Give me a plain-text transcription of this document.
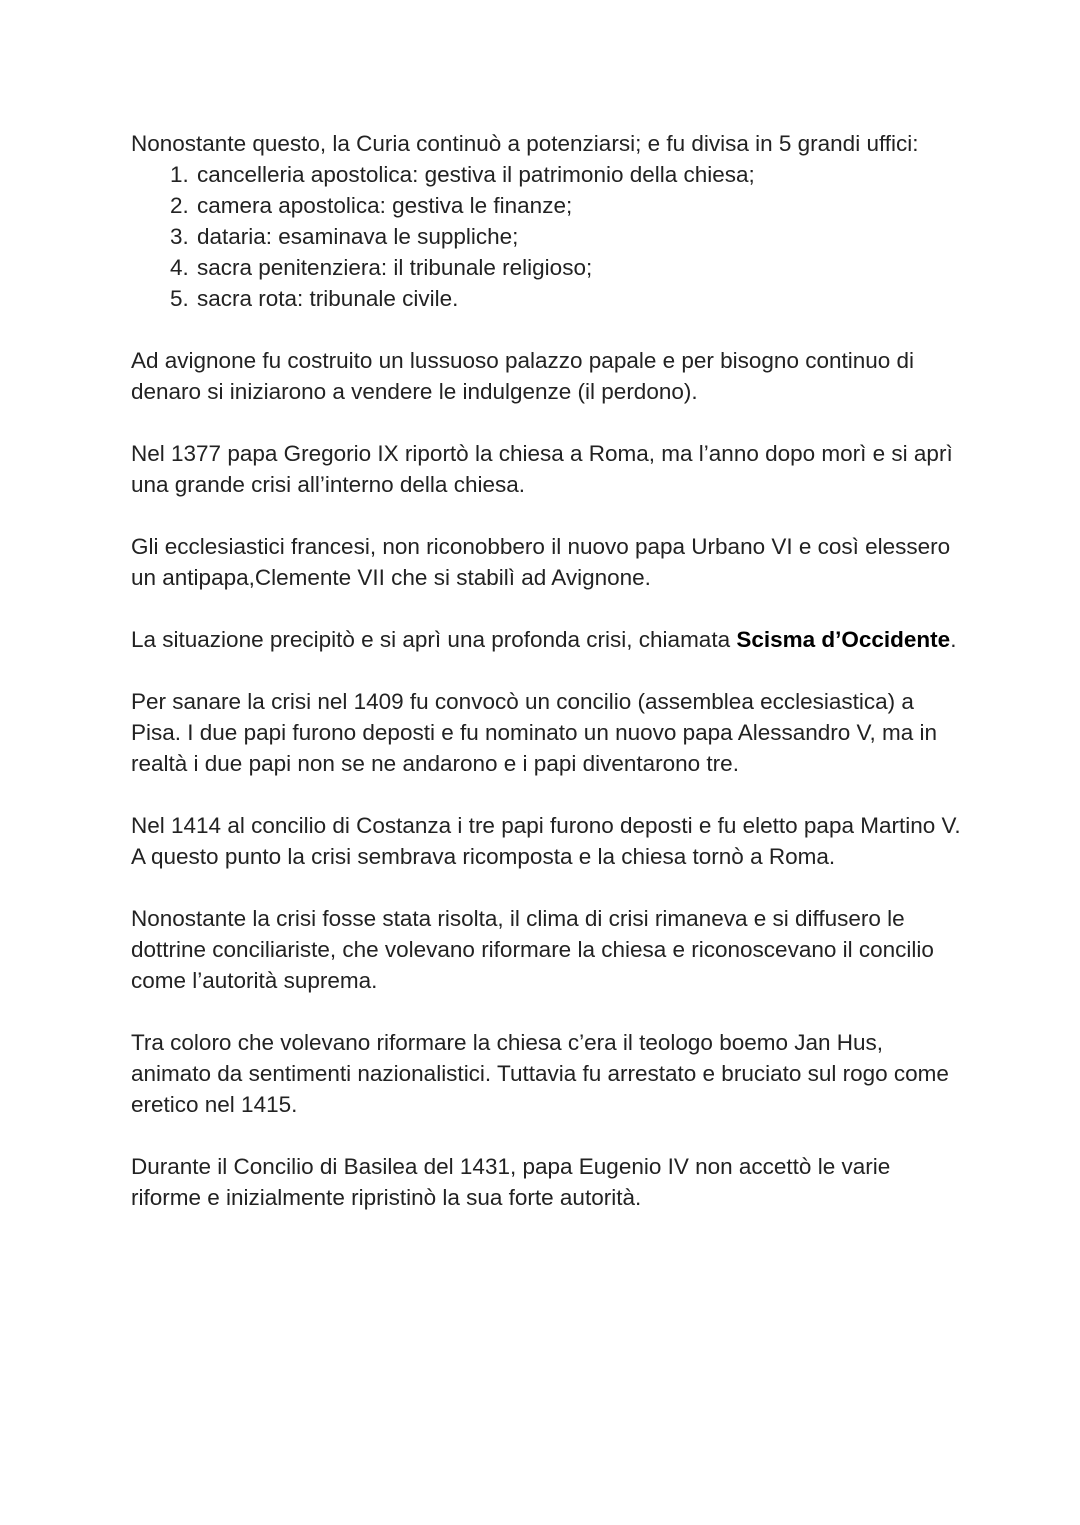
Nonostante questo, la Curia continuò a potenziarsi; e fu divisa in 5 grandi uffici:

1. cancelleria apostolica: gestiva il patrimonio della chiesa;
2. camera apostolica: gestiva le finanze;
3. dataria: esaminava le suppliche;
4. sacra penitenziera: il tribunale religioso;
5. sacra rota: tribunale civile.

Ad avignone fu costruito un lussuoso palazzo papale e per bisogno continuo di denaro si iniziarono a vendere le indulgenze (il perdono).

Nel 1377 papa Gregorio IX riportò la chiesa a Roma, ma l’anno dopo morì e si aprì una grande crisi all’interno della chiesa.

Gli ecclesiastici francesi, non riconobbero il nuovo papa Urbano VI e così elessero un antipapa,Clemente VII che si stabilì ad Avignone.

La situazione precipitò e si aprì una profonda crisi, chiamata Scisma d’Occidente.

Per sanare la crisi nel 1409 fu convocò un concilio (assemblea ecclesiastica) a Pisa. I due papi furono deposti e fu nominato un nuovo papa Alessandro V, ma in realtà i due papi non se ne andarono e i papi diventarono tre.

Nel 1414 al concilio di Costanza i tre papi furono deposti e fu eletto papa Martino V. A questo punto la crisi sembrava ricomposta e la chiesa tornò a Roma.

Nonostante la crisi fosse stata risolta, il clima di crisi rimaneva e si diffusero le dottrine conciliariste, che volevano riformare la chiesa e riconoscevano il concilio come l’autorità suprema.

Tra coloro che volevano riformare la chiesa c’era il teologo boemo Jan Hus, animato da sentimenti nazionalistici. Tuttavia fu arrestato e bruciato sul rogo come eretico nel 1415.

Durante il Concilio di Basilea del 1431, papa Eugenio IV non accettò le varie riforme e inizialmente ripristinò la sua forte autorità.
